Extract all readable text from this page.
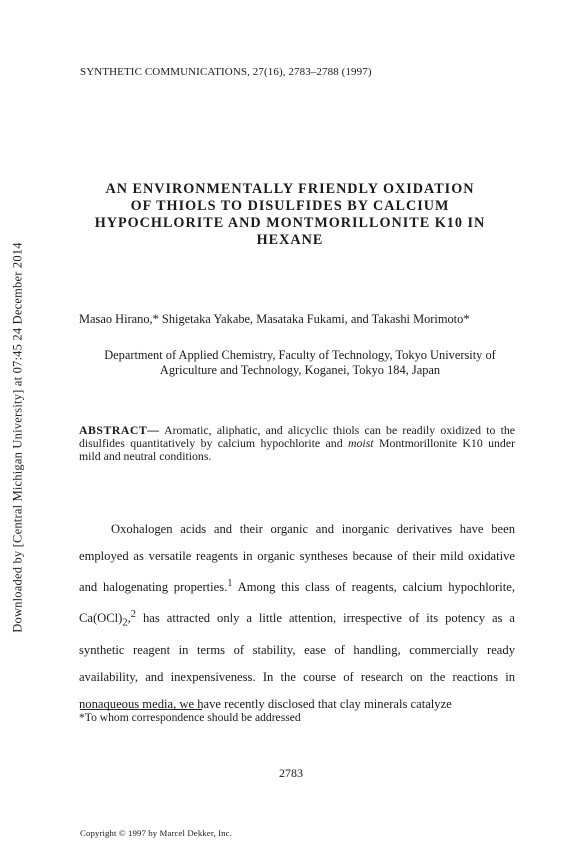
Downloaded by [Central Michigan University] at 07:45 24 December 2014
SYNTHETIC COMMUNICATIONS, 27(16), 2783–2788 (1997)
AN ENVIRONMENTALLY FRIENDLY OXIDATION
OF THIOLS TO DISULFIDES BY CALCIUM
HYPOCHLORITE AND MONTMORILLONITE K10 IN
HEXANE
Masao Hirano,* Shigetaka Yakabe, Masataka Fukami, and Takashi Morimoto*
Department of Applied Chemistry, Faculty of Technology, Tokyo University of
Agriculture and Technology, Koganei, Tokyo 184, Japan
ABSTRACT— Aromatic, aliphatic, and alicyclic thiols can be readily oxidized to the disulfides quantitatively by calcium hypochlorite and moist Montmorillonite K10 under mild and neutral conditions.

Oxohalogen acids and their organic and inorganic derivatives have been employed as versatile reagents in organic syntheses because of their mild oxidative and halogenating properties.$^1$ Among this class of reagents, calcium hypochlorite, $Ca(OCl)_2,^2$ has attracted only a little attention, irrespective of its potency as a synthetic reagent in terms of stability, ease of handling, commercially ready availability, and inexpensiveness. In the course of research on the reactions in nonaqueous media, we have recently disclosed that clay minerals catalyze

*To whom correspondence should be addressed
2783
Copyright © 1997 by Marcel Dekker, Inc.
